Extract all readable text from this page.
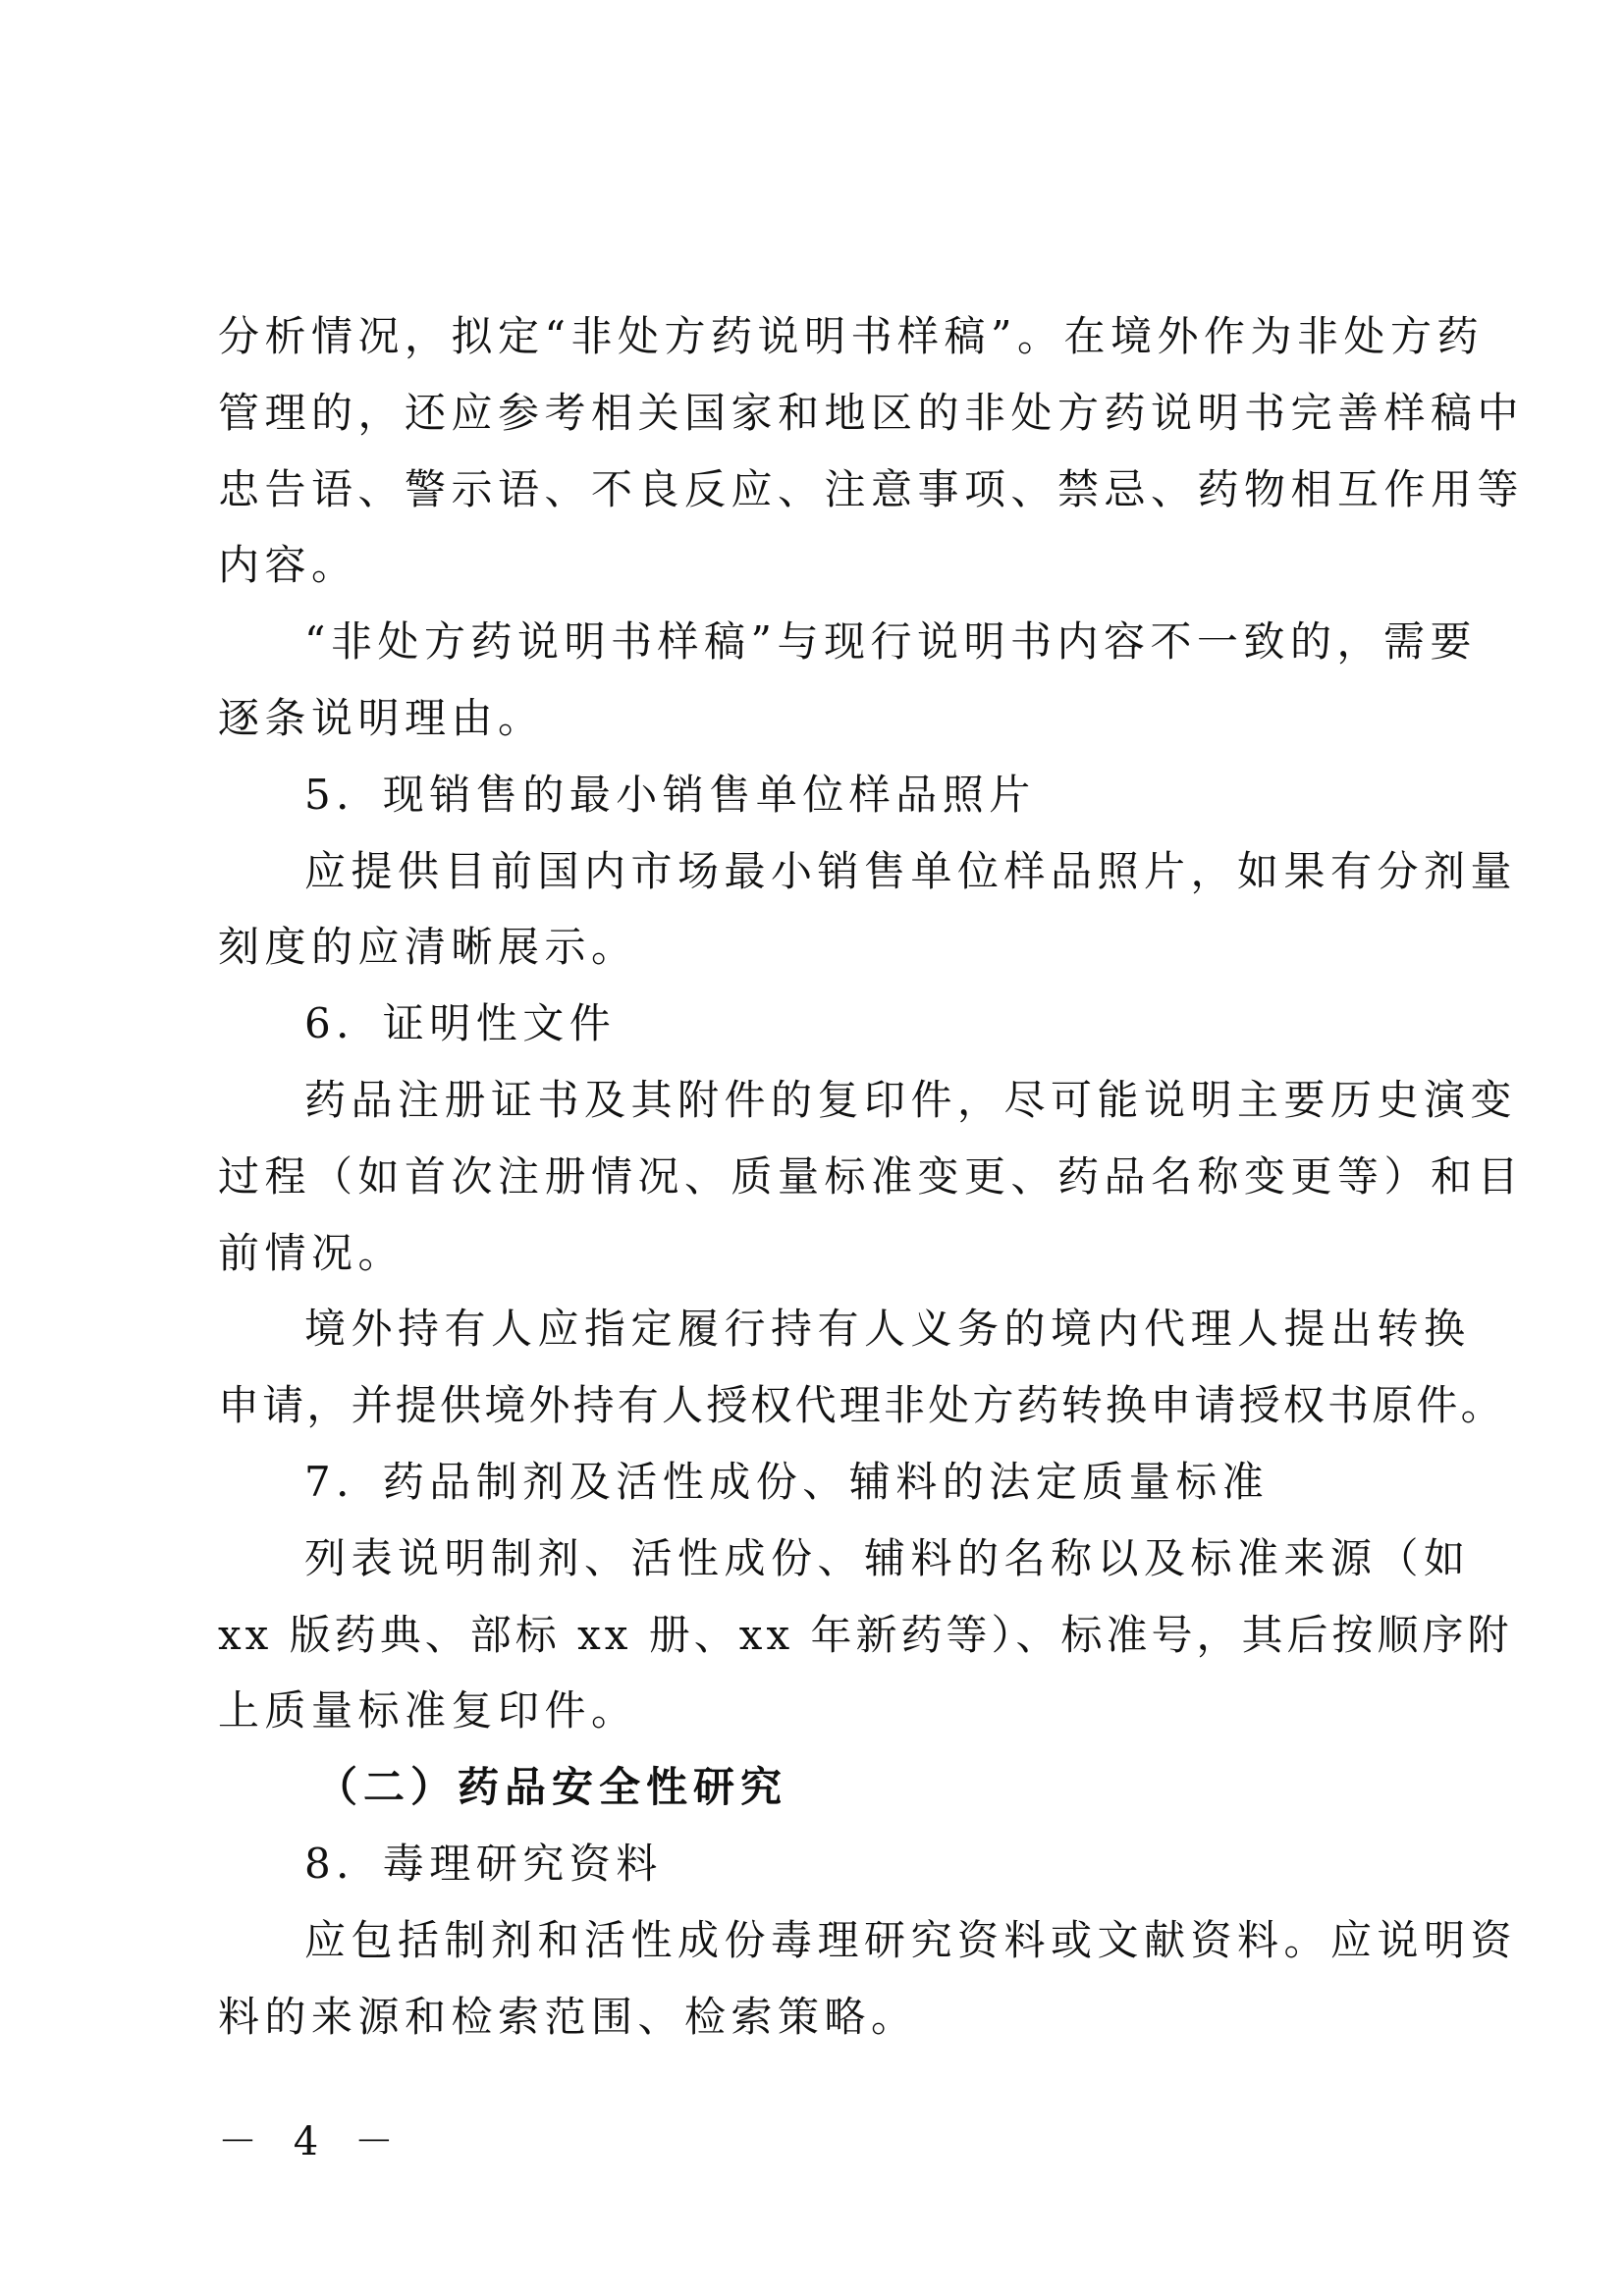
分析情况，拟定“非处方药说明书样稿”。在境外作为非处方药
管理的，还应参考相关国家和地区的非处方药说明书完善样稿中
忠告语、警示语、不良反应、注意事项、禁忌、药物相互作用等
内容。
“非处方药说明书样稿”与现行说明书内容不一致的，需要
逐条说明理由。
5．现销售的最小销售单位样品照片
应提供目前国内市场最小销售单位样品照片，如果有分剂量
刻度的应清晰展示。
6．证明性文件
药品注册证书及其附件的复印件，尽可能说明主要历史演变
过程（如首次注册情况、质量标准变更、药品名称变更等）和目
前情况。
境外持有人应指定履行持有人义务的境内代理人提出转换
申请，并提供境外持有人授权代理非处方药转换申请授权书原件。
7．药品制剂及活性成份、辅料的法定质量标准
列表说明制剂、活性成份、辅料的名称以及标准来源（如
xx 版药典、部标 xx 册、xx 年新药等）、标准号，其后按顺序附
上质量标准复印件。
（二）药品安全性研究
8．毒理研究资料
应包括制剂和活性成份毒理研究资料或文献资料。应说明资
料的来源和检索范围、检索策略。
－ 4 －
